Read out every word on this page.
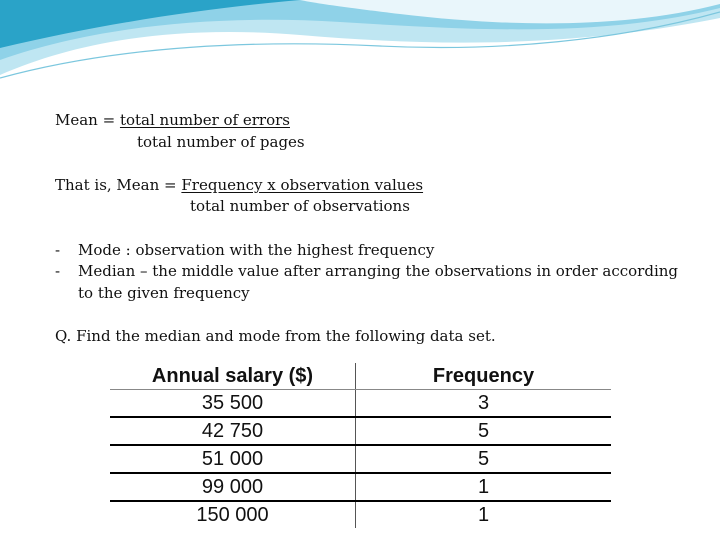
Mean = total number of errors
total number of pages
That is, Mean = Frequency x observation values
total number of observations
- Mode : observation with the highest frequency
- Median – the middle value after arranging the observations in order according
to the given frequency
Q. Find the median and mode from the following data set.
Annual salary ($)	Frequency
35 500	3
42 750	5
51 000	5
99 000	1
150 000	1
